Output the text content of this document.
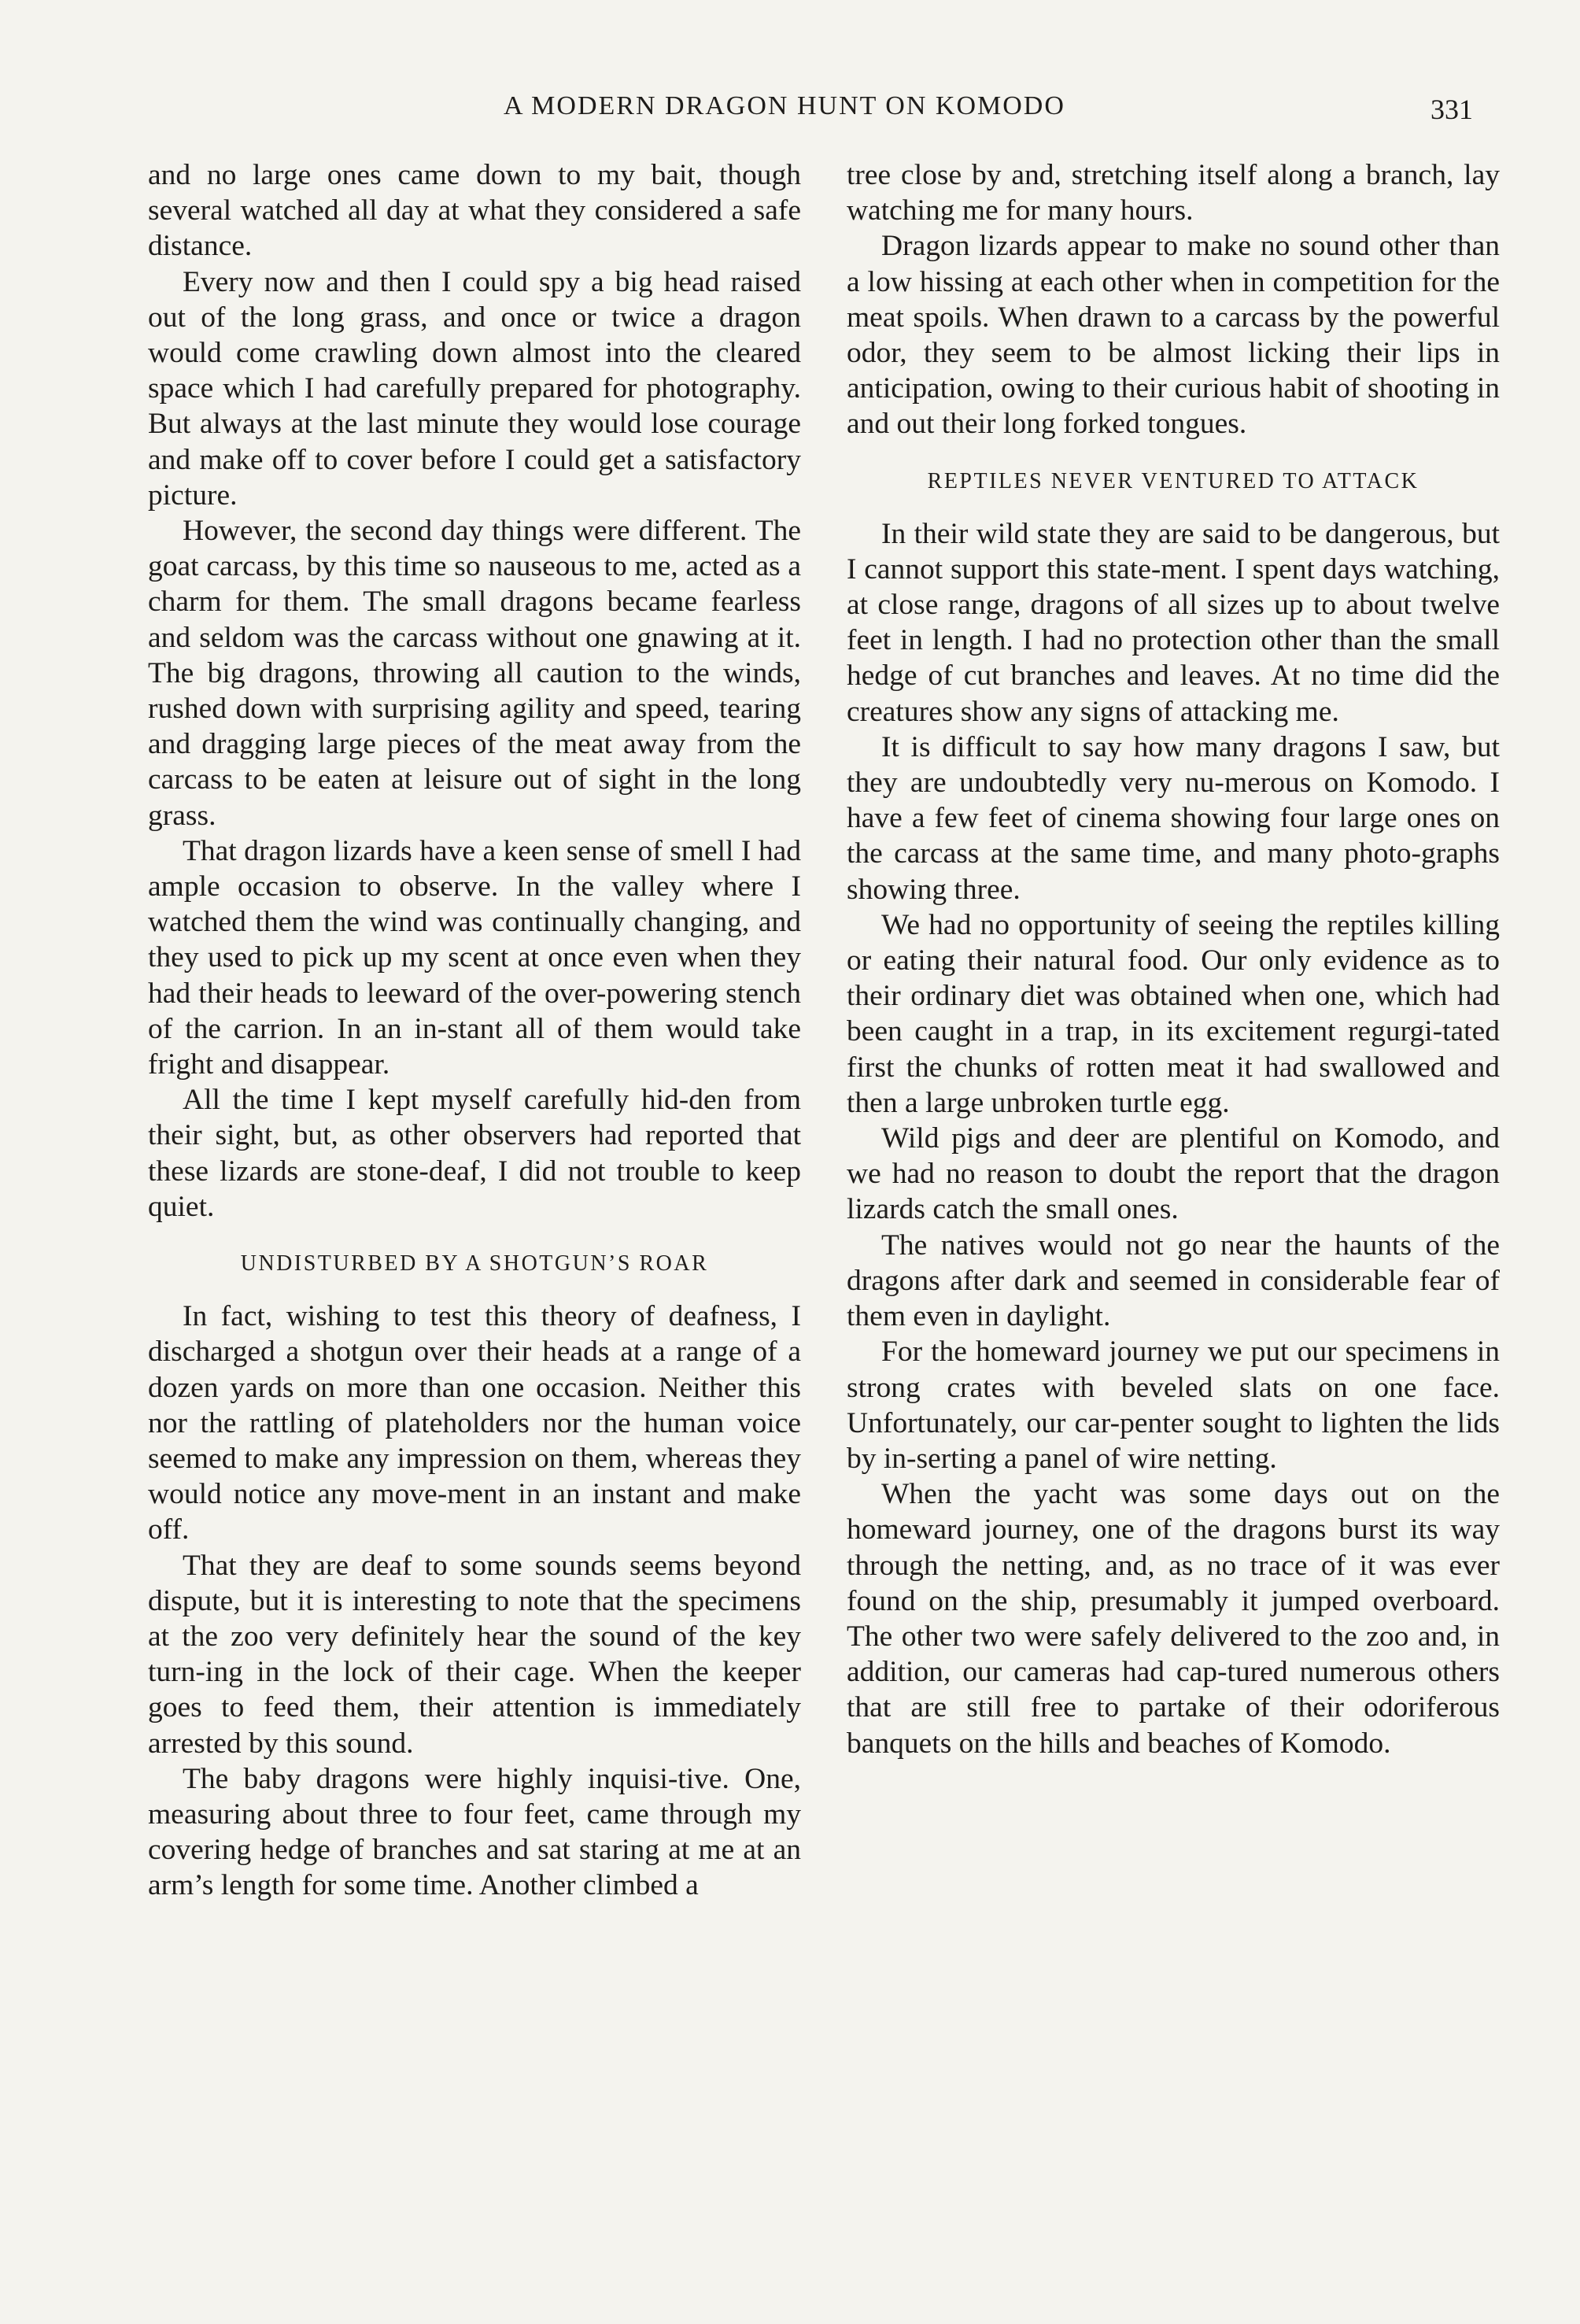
A MODERN DRAGON HUNT ON KOMODO	331

and no large ones came down to my bait, though several watched all day at what they considered a safe distance.

Every now and then I could spy a big head raised out of the long grass, and once or twice a dragon would come crawling down almost into the cleared space which I had carefully prepared for photography. But always at the last minute they would lose courage and make off to cover before I could get a satisfactory picture.

However, the second day things were different. The goat carcass, by this time so nauseous to me, acted as a charm for them. The small dragons became fearless and seldom was the carcass without one gnawing at it. The big dragons, throwing all caution to the winds, rushed down with surprising agility and speed, tearing and dragging large pieces of the meat away from the carcass to be eaten at leisure out of sight in the long grass.

That dragon lizards have a keen sense of smell I had ample occasion to observe. In the valley where I watched them the wind was continually changing, and they used to pick up my scent at once even when they had their heads to leeward of the over-powering stench of the carrion. In an in-stant all of them would take fright and disappear.

All the time I kept myself carefully hid-den from their sight, but, as other observers had reported that these lizards are stone-deaf, I did not trouble to keep quiet.

UNDISTURBED BY A SHOTGUN’S ROAR

In fact, wishing to test this theory of deafness, I discharged a shotgun over their heads at a range of a dozen yards on more than one occasion. Neither this nor the rattling of plateholders nor the human voice seemed to make any impression on them, whereas they would notice any move-ment in an instant and make off.

That they are deaf to some sounds seems beyond dispute, but it is interesting to note that the specimens at the zoo very definitely hear the sound of the key turn-ing in the lock of their cage. When the keeper goes to feed them, their attention is immediately arrested by this sound.

The baby dragons were highly inquisi-tive. One, measuring about three to four feet, came through my covering hedge of branches and sat staring at me at an arm’s length for some time. Another climbed a

tree close by and, stretching itself along a branch, lay watching me for many hours.

Dragon lizards appear to make no sound other than a low hissing at each other when in competition for the meat spoils. When drawn to a carcass by the powerful odor, they seem to be almost licking their lips in anticipation, owing to their curious habit of shooting in and out their long forked tongues.

REPTILES NEVER VENTURED TO ATTACK

In their wild state they are said to be dangerous, but I cannot support this state-ment. I spent days watching, at close range, dragons of all sizes up to about twelve feet in length. I had no protection other than the small hedge of cut branches and leaves. At no time did the creatures show any signs of attacking me.

It is difficult to say how many dragons I saw, but they are undoubtedly very nu-merous on Komodo. I have a few feet of cinema showing four large ones on the carcass at the same time, and many photo-graphs showing three.

We had no opportunity of seeing the reptiles killing or eating their natural food. Our only evidence as to their ordinary diet was obtained when one, which had been caught in a trap, in its excitement regurgi-tated first the chunks of rotten meat it had swallowed and then a large unbroken turtle egg.

Wild pigs and deer are plentiful on Komodo, and we had no reason to doubt the report that the dragon lizards catch the small ones.

The natives would not go near the haunts of the dragons after dark and seemed in considerable fear of them even in daylight.

For the homeward journey we put our specimens in strong crates with beveled slats on one face. Unfortunately, our car-penter sought to lighten the lids by in-serting a panel of wire netting.

When the yacht was some days out on the homeward journey, one of the dragons burst its way through the netting, and, as no trace of it was ever found on the ship, presumably it jumped overboard. The other two were safely delivered to the zoo and, in addition, our cameras had cap-tured numerous others that are still free to partake of their odoriferous banquets on the hills and beaches of Komodo.
